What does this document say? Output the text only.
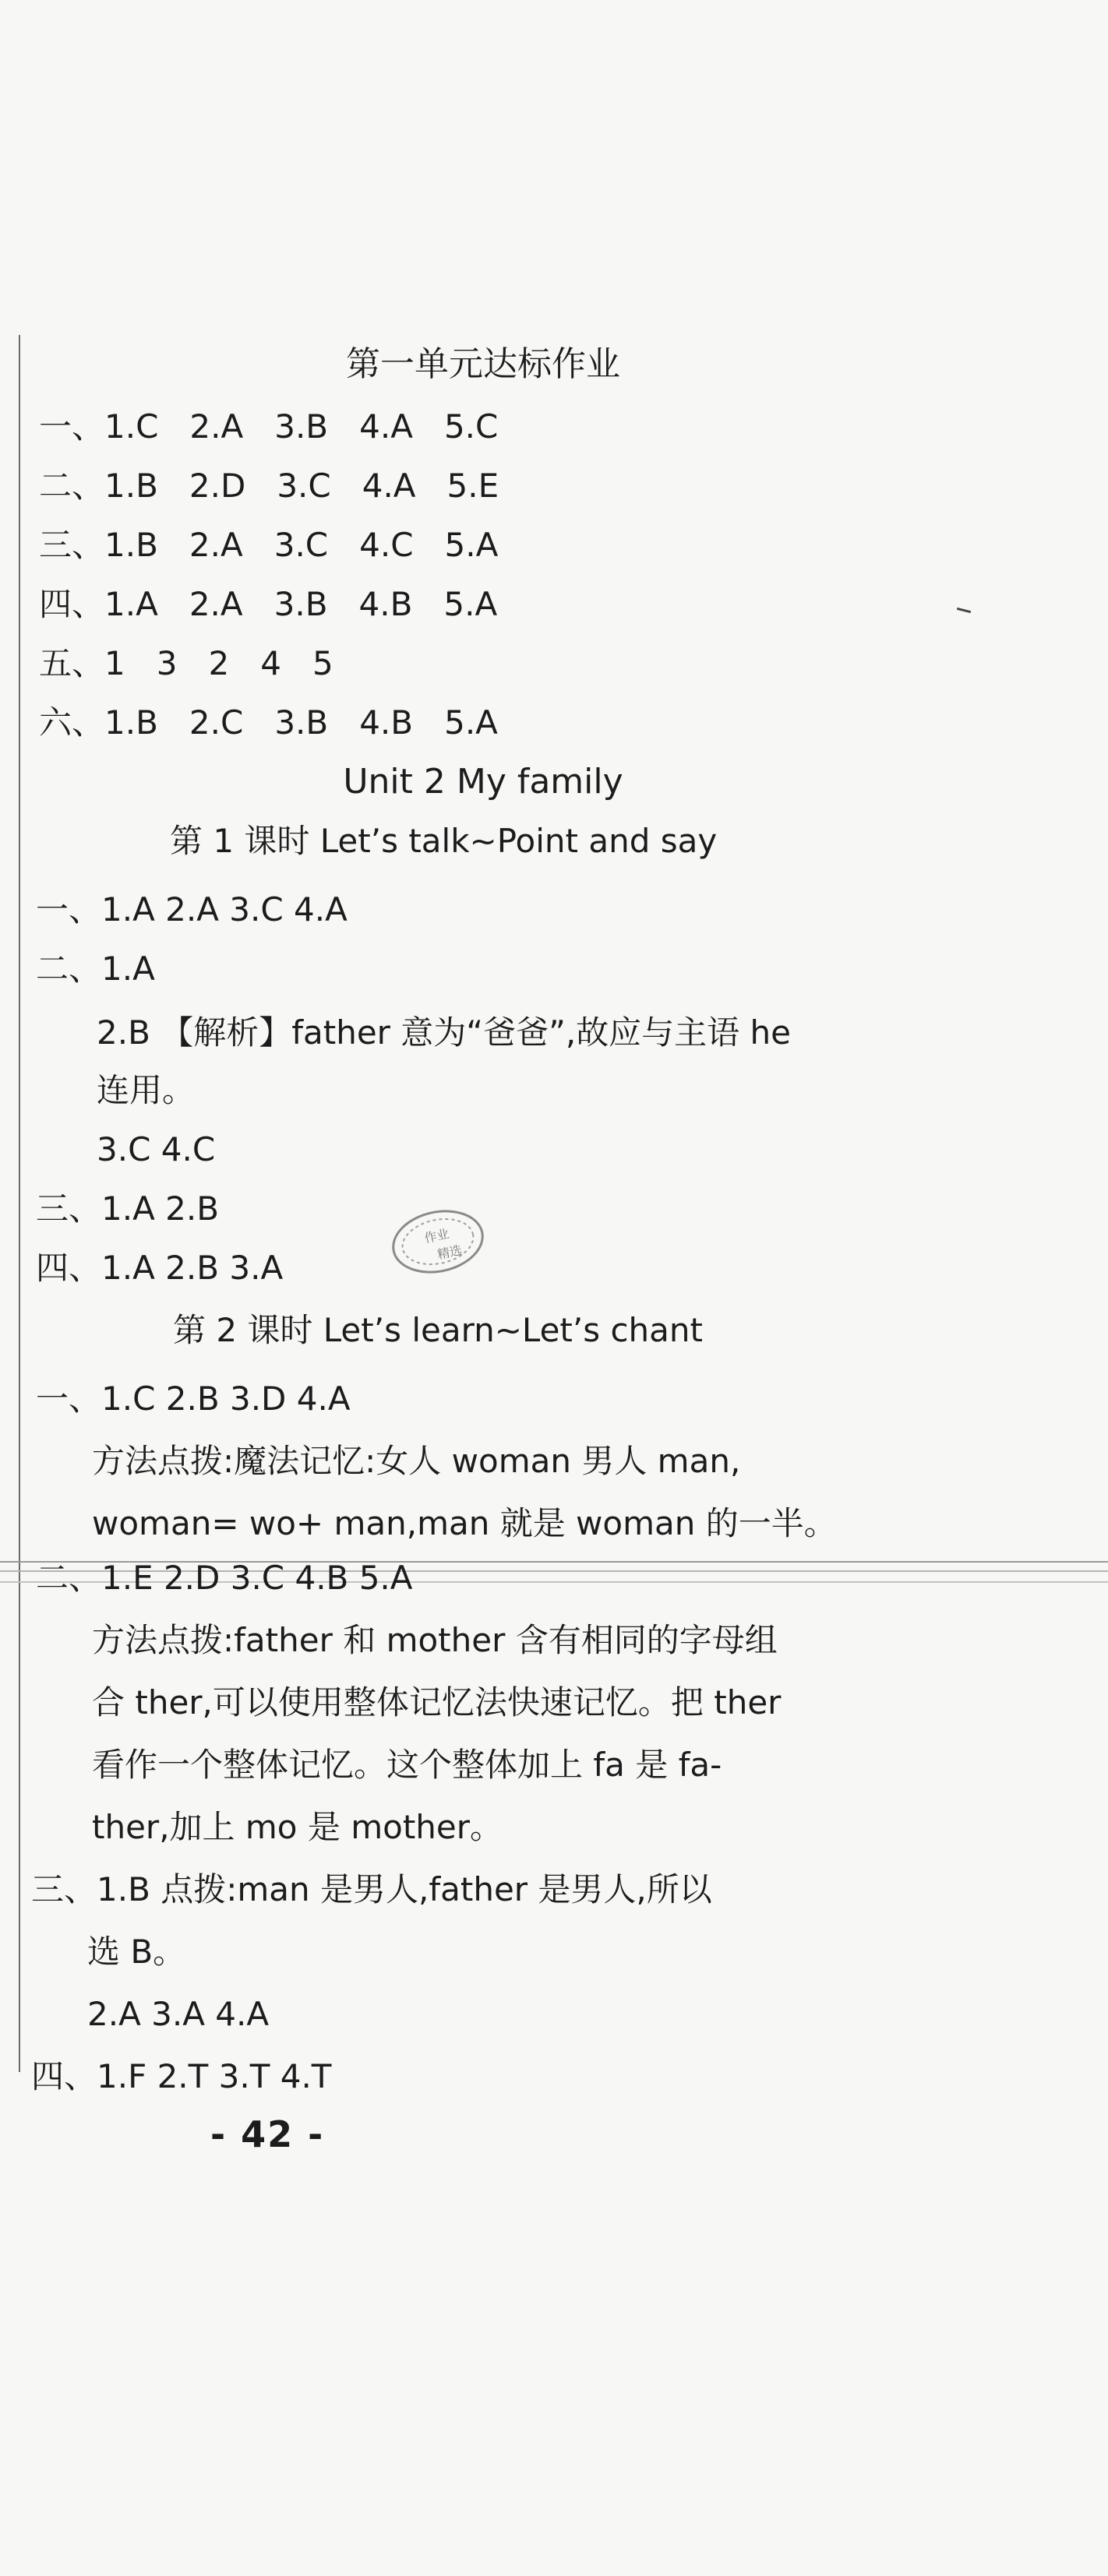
第一单元达标作业
一、1.C 2.A 3.B 4.A 5.C
二、1.B 2.D 3.C 4.A 5.E
三、1.B 2.A 3.C 4.C 5.A
四、1.A 2.A 3.B 4.B 5.A
五、1 3 2 4 5
六、1.B 2.C 3.B 4.B 5.A
Unit 2 My family
第 1 课时 Let’s talk~Point and say
一、1.A 2.A 3.C 4.A
二、1.A
2.B 【解析】father 意为“爸爸”,故应与主语 he
连用。
3.C 4.C
三、1.A 2.B
四、1.A 2.B 3.A
作业
精选
第 2 课时 Let’s learn~Let’s chant
一、1.C 2.B 3.D 4.A
方法点拨:魔法记忆:女人 woman 男人 man,
woman= wo+ man,man 就是 woman 的一半。
二、1.E 2.D 3.C 4.B 5.A
方法点拨:father 和 mother 含有相同的字母组
合 ther,可以使用整体记忆法快速记忆。把 ther
看作一个整体记忆。这个整体加上 fa 是 fa-
ther,加上 mo 是 mother。
三、1.B 点拨:man 是男人,father 是男人,所以
选 B。
2.A 3.A 4.A
四、1.F 2.T 3.T 4.T
- 42 -
